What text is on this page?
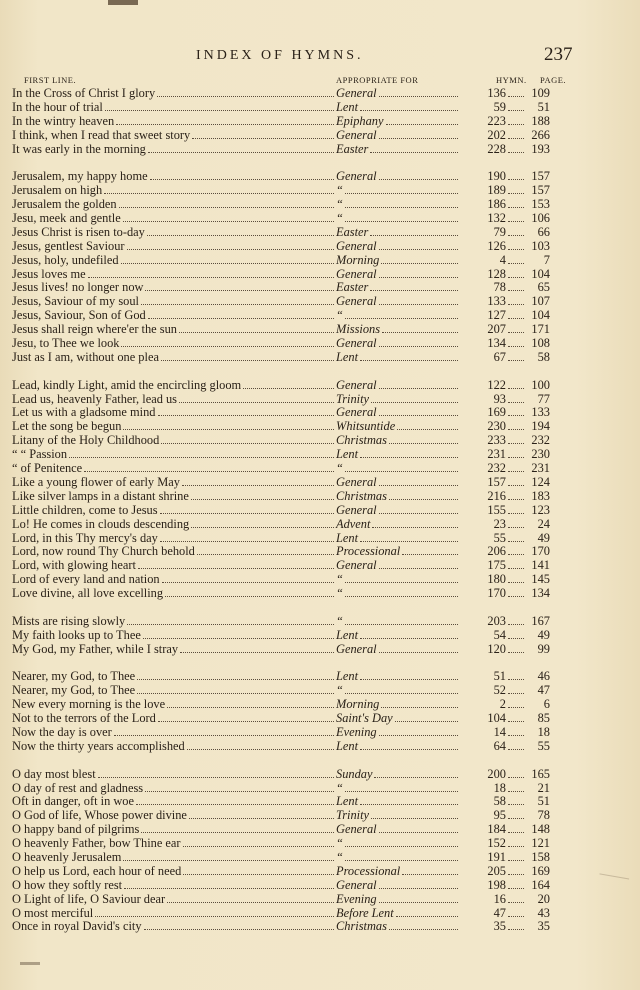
INDEX OF HYMNS.	237
FIRST LINE.	APPROPRIATE FOR	HYMN. PAGE.
In the Cross of Christ I glory	General	136	109
In the hour of trial	Lent	59	51
In the wintry heaven	Epiphany	223	188
I think, when I read that sweet story	General	202	266
It was early in the morning	Easter	228	193
Jerusalem, my happy home	General	190	157
Jerusalem on high	“	189	157
Jerusalem the golden	“	186	153
Jesu, meek and gentle	“	132	106
Jesus Christ is risen to-day	Easter	79	66
Jesus, gentlest Saviour	General	126	103
Jesus, holy, undefiled	Morning	4	7
Jesus loves me	General	128	104
Jesus lives! no longer now	Easter	78	65
Jesus, Saviour of my soul	General	133	107
Jesus, Saviour, Son of God	“	127	104
Jesus shall reign where'er the sun	Missions	207	171
Jesu, to Thee we look	General	134	108
Just as I am, without one plea	Lent	67	58
Lead, kindly Light, amid the encircling gloom	General	122	100
Lead us, heavenly Father, lead us	Trinity	93	77
Let us with a gladsome mind	General	169	133
Let the song be begun	Whitsuntide	230	194
Litany of the Holy Childhood	Christmas	233	232
“ “ Passion	Lent	231	230
“ of Penitence	“	232	231
Like a young flower of early May	General	157	124
Like silver lamps in a distant shrine	Christmas	216	183
Little children, come to Jesus	General	155	123
Lo! He comes in clouds descending	Advent	23	24
Lord, in this Thy mercy's day	Lent	55	49
Lord, now round Thy Church behold	Processional	206	170
Lord, with glowing heart	General	175	141
Lord of every land and nation	“	180	145
Love divine, all love excelling	“	170	134
Mists are rising slowly	“	203	167
My faith looks up to Thee	Lent	54	49
My God, my Father, while I stray	General	120	99
Nearer, my God, to Thee	Lent	51	46
Nearer, my God, to Thee	“	52	47
New every morning is the love	Morning	2	6
Not to the terrors of the Lord	Saint's Day	104	85
Now the day is over	Evening	14	18
Now the thirty years accomplished	Lent	64	55
O day most blest	Sunday	200	165
O day of rest and gladness	“	18	21
Oft in danger, oft in woe	Lent	58	51
O God of life, Whose power divine	Trinity	95	78
O happy band of pilgrims	General	184	148
O heavenly Father, bow Thine ear	“	152	121
O heavenly Jerusalem	“	191	158
O help us Lord, each hour of need	Processional	205	169
O how they softly rest	General	198	164
O Light of life, O Saviour dear	Evening	16	20
O most merciful	Before Lent	47	43
Once in royal David's city	Christmas	35	35
